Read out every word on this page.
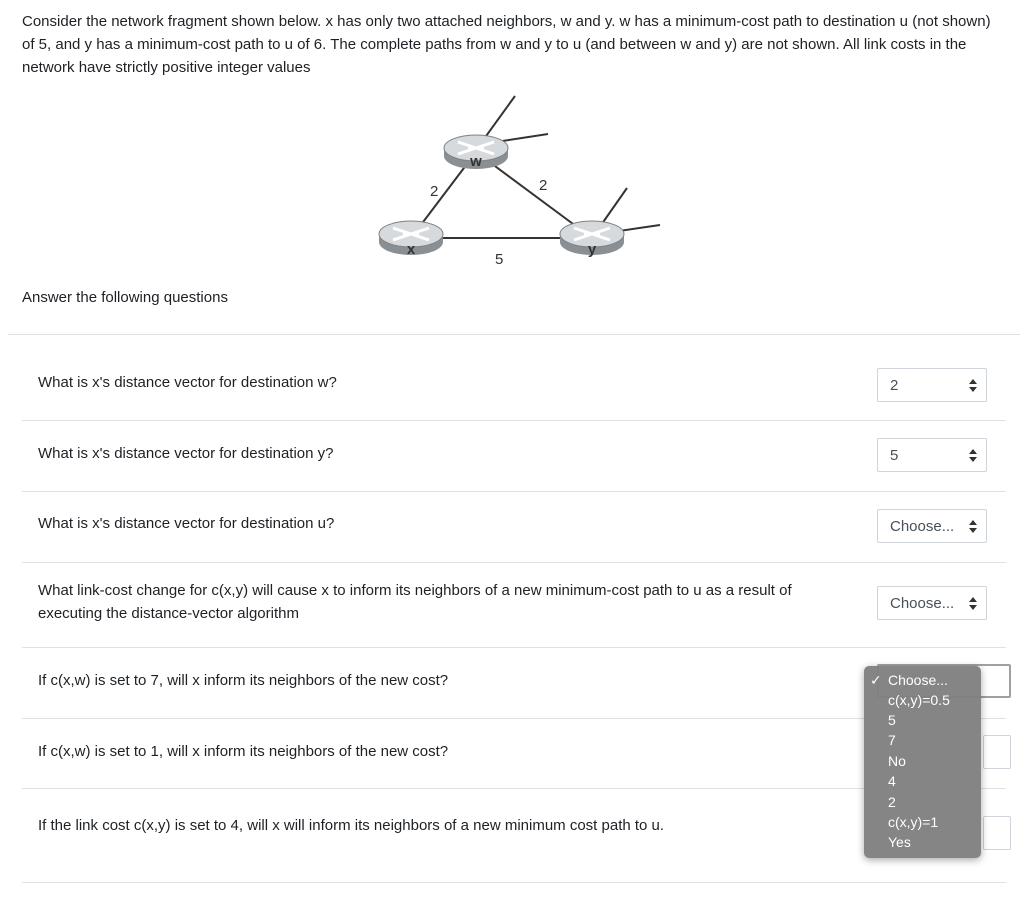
Consider the network fragment shown below. x has only two attached neighbors, w and y. w has a minimum-cost path to destination u (not shown) of 5, and y has a minimum-cost path to u of 6. The complete paths from w and y to u (and between w and y) are not shown. All link costs in the network have strictly positive integer values

w
x	y
2	2
5

Answer the following questions

What is x's distance vector for destination w?	2
What is x's distance vector for destination y?	5
What is x's distance vector for destination u?	Choose...
What link-cost change for c(x,y) will cause x to inform its neighbors of a new minimum-cost path to u as a result of executing the distance-vector algorithm
Choose...
If c(x,w) is set to 7, will x inform its neighbors of the new cost?
If c(x,w) is set to 1, will x inform its neighbors of the new cost?
If the link cost c(x,y) is set to 4, will x will inform its neighbors of a new minimum cost path to u.
✓ Choose...
c(x,y)=0.5
5
7
No
4
2
c(x,y)=1
Yes
